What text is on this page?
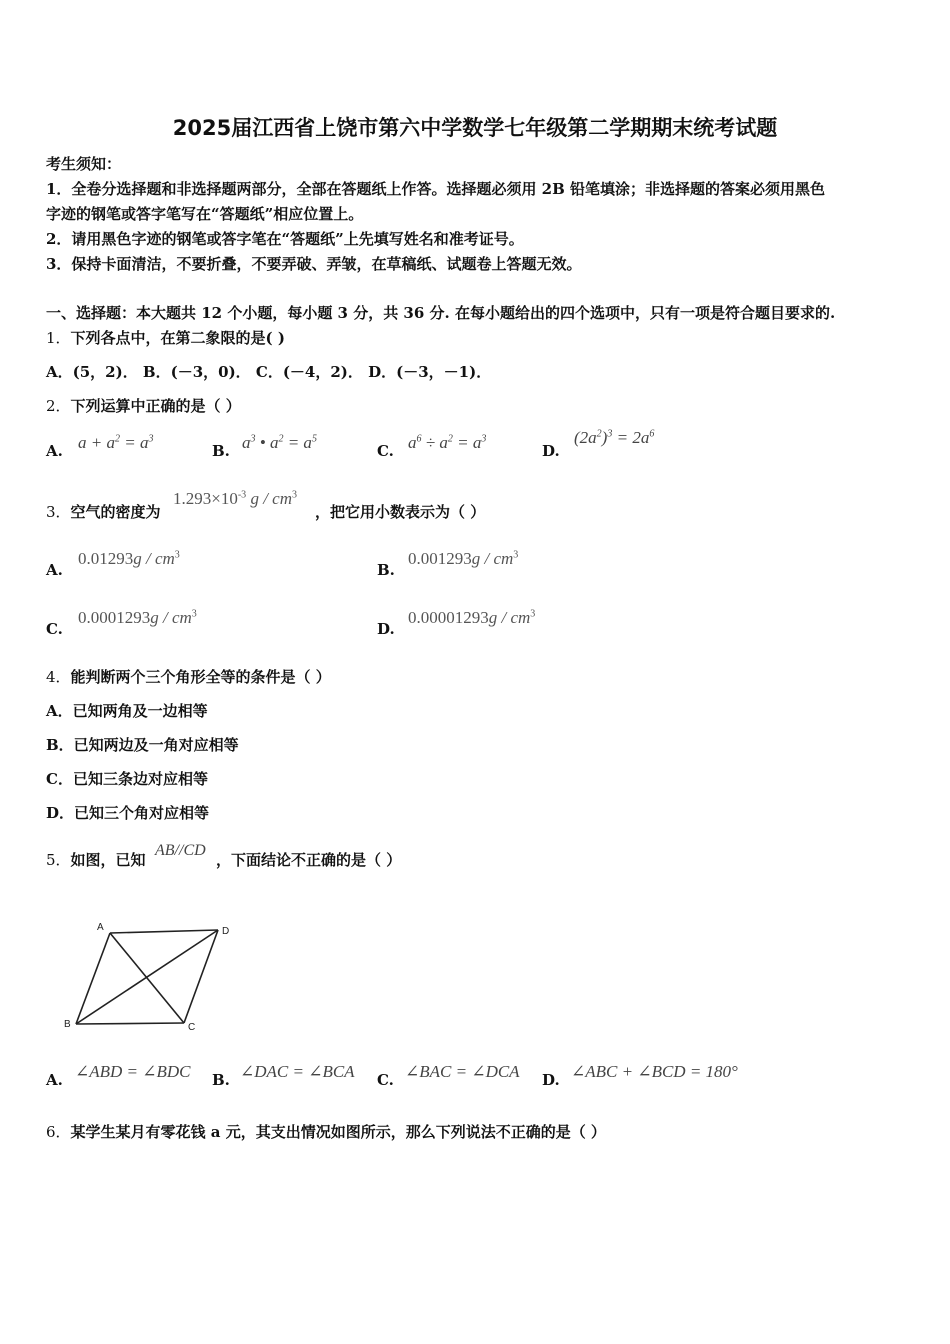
2025届江西省上饶市第六中学数学七年级第二学期期末统考试题
考生须知：
1．全卷分选择题和非选择题两部分，全部在答题纸上作答。选择题必须用 2B 铅笔填涂；非选择题的答案必须用黑色
字迹的钢笔或答字笔写在“答题纸”相应位置上。
2．请用黑色字迹的钢笔或答字笔在“答题纸”上先填写姓名和准考证号。
3．保持卡面清洁，不要折叠，不要弄破、弄皱，在草稿纸、试题卷上答题无效。
一、选择题：本大题共 12 个小题，每小题 3 分，共 36 分. 在每小题给出的四个选项中，只有一项是符合题目要求的.
1．下列各点中，在第二象限的是( )
A．(5，2)． B．(－3，0)． C．(－4，2)． D．(－3，－1)．
2．下列运算中正确的是（ ）
A. $a + a^2 = a^3$
B. $a^3$ • $a^2 = a^5$
C. $a^6 \div a^2 = a^3$
D.
$(2a^2)^3 = 2a^6$
3．空气的密度为
$1.293\times 10^{-3}$ g / $cm^3$
，把它用小数表示为（ ）
A.
$0.01293g / cm^3$
B.
$0.001293g / cm^3$
C.
$0.0001293g / cm^3$
D.
$0.00001293g / cm^3$
4．能判断两个三个角形全等的条件是（ ）
A．已知两角及一边相等
B．已知两边及一角对应相等
C．已知三条边对应相等
D．已知三个角对应相等
5．如图，已知
AB//CD
，下面结论不正确的是（ ）
A	D
B	C
A. ∠ABD = ∠BDC B. ∠DAC = ∠BCA C. ∠BAC = ∠DCA D. ∠ABC + ∠BCD = 180°
6．某学生某月有零花钱 a 元，其支出情况如图所示，那么下列说法不正确的是（ ）
